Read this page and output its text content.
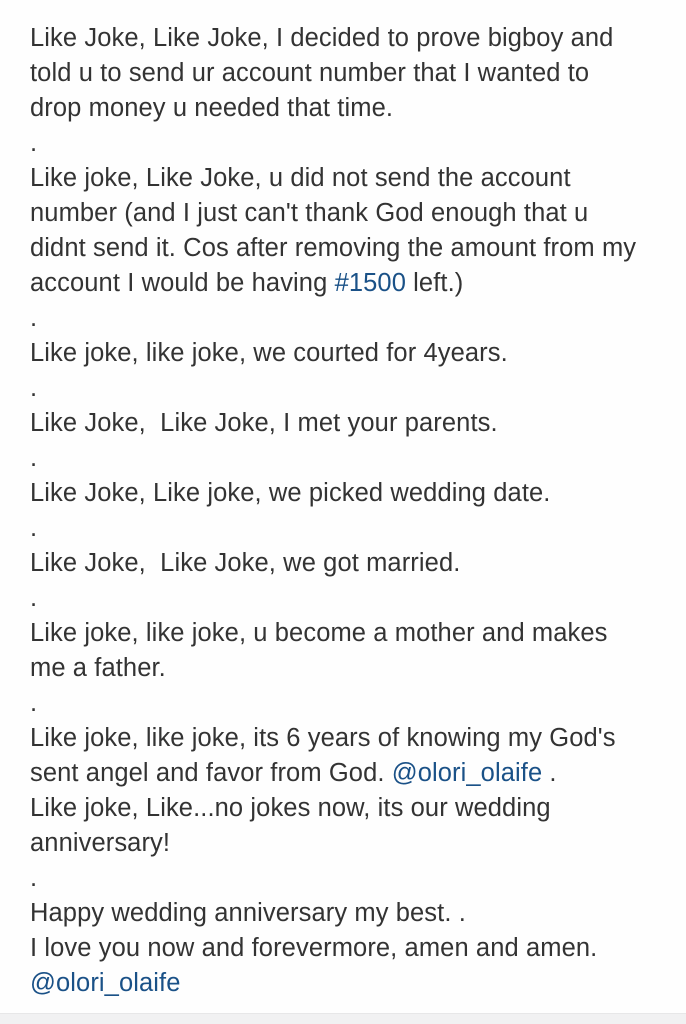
Like Joke, Like Joke, I decided to prove bigboy and
told u to send ur account number that I wanted to
drop money u needed that time.
.
Like joke, Like Joke, u did not send the account
number (and I just can't thank God enough that u
didnt send it. Cos after removing the amount from my
account I would be having #1500 left.)
.
Like joke, like joke, we courted for 4years.
.
Like Joke,  Like Joke, I met your parents.
.
Like Joke, Like joke, we picked wedding date.
.
Like Joke,  Like Joke, we got married.
.
Like joke, like joke, u become a mother and makes
me a father.
.
Like joke, like joke, its 6 years of knowing my God's
sent angel and favor from God. @olori_olaife .
Like joke, Like...no jokes now, its our wedding
anniversary!
.
Happy wedding anniversary my best. .
I love you now and forevermore, amen and amen.
@olori_olaife
